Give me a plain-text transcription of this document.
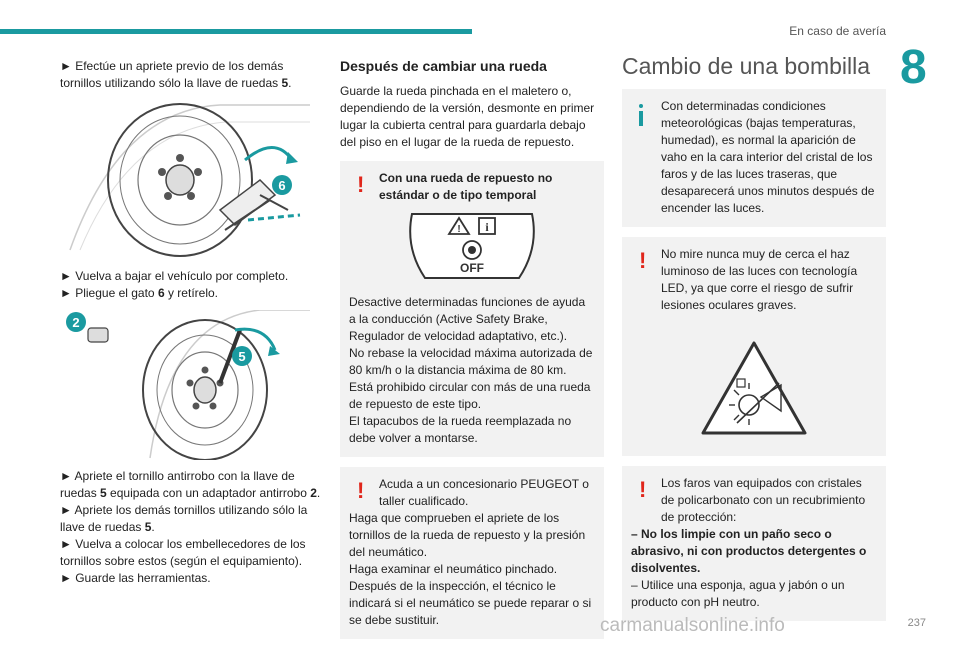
En caso de avería
8

► Efectúe un apriete previo de los demás tornillos utilizando sólo la llave de ruedas 5.

6

► Vuelva a bajar el vehículo por completo.

► Pliegue el gato 6 y retírelo.

2
5

► Apriete el tornillo antirrobo con la llave de ruedas 5 equipada con un adaptador antirrobo 2.

► Apriete los demás tornillos utilizando sólo la llave de ruedas 5.

► Vuelva a colocar los embellecedores de los tornillos sobre estos (según el equipamiento).

► Guarde las herramientas.

Después de cambiar una rueda

Guarde la rueda pinchada en el maletero o, dependiendo de la versión, desmonte en primer lugar la cubierta central para guardarla debajo del piso en el lugar de la rueda de repuesto.

! Con una rueda de repuesto no estándar o de tipo temporal

! i
OFF

Desactive determinadas funciones de ayuda a la conducción (Active Safety Brake, Regulador de velocidad adaptativo, etc.).

No rebase la velocidad máxima autorizada de 80 km/h o la distancia máxima de 80 km.

Está prohibido circular con más de una rueda de repuesto de este tipo.

El tapacubos de la rueda reemplazada no debe volver a montarse.

! Acuda a un concesionario PEUGEOT o taller cualificado.

Haga que comprueben el apriete de los tornillos de la rueda de repuesto y la presión del neumático.

Haga examinar el neumático pinchado.

Después de la inspección, el técnico le indicará si el neumático se puede reparar o si se debe sustituir.

Cambio de una bombilla

Con determinadas condiciones meteorológicas (bajas temperaturas, humedad), es normal la aparición de vaho en la cara interior del cristal de los faros y de las luces traseras, que desaparecerá unos minutos después de encender las luces.

! No mire nunca muy de cerca el haz luminoso de las luces con tecnología LED, ya que corre el riesgo de sufrir lesiones oculares graves.

! Los faros van equipados con cristales de policarbonato con un recubrimiento de protección:

– No los limpie con un paño seco o abrasivo, ni con productos detergentes o disolventes.

– Utilice una esponja, agua y jabón o un producto con pH neutro.

carmanualsonline.info	237
